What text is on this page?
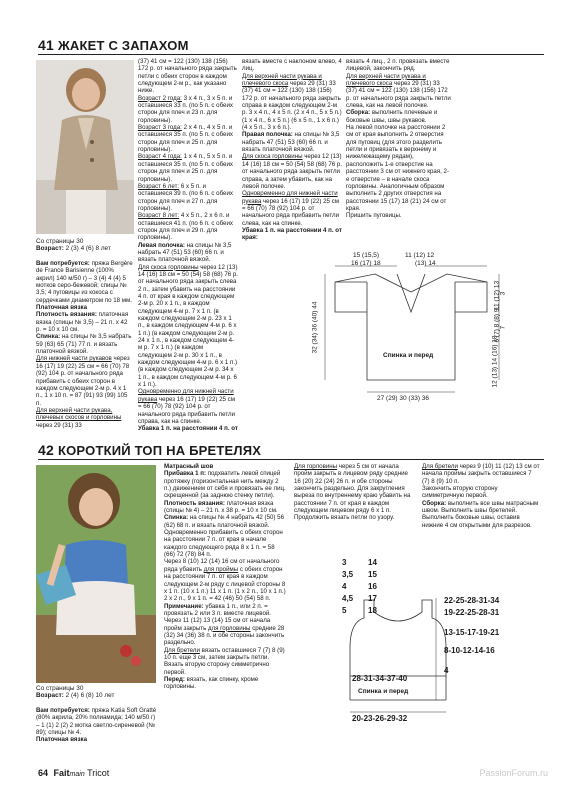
41 ЖАКЕТ С ЗАПАХОМ
Со страницы 30
Возраст: 2 (3) 4 (6) 8 лет
Вам потребуется: пряжа Bergère de France Barisienne (100% акрил) 140 м/50 г) – 3 (4) 4 (4) 5 мотков серо-бежевой; спицы № 3,5; 4 пуговицы из кокоса с сердечками диаметром по 18 мм.
Платочная вязка
Плотность вязания: платочная вязка (спицы № 3,5) – 21 п. х 42 р. = 10 х 10 см.
Спинка: на спицы № 3,5 набрать 59 (63) 65 (71) 77 п. и вязать платочной вязкой.
Для нижней части рукавов через 16 (17) 19 (22) 25 см = 66 (70) 78 (92) 104 р. от начального ряда прибавить с обеих сторон в каждом следующем 2-м р. 4 х 1 п., 1 х 10 п. = 87 (91) 93 (99) 105 п.
Для верхней части рукава, плечевых скосов и горловины через 29 (31) 33
(37) 41 см = 122 (130) 138 (156) 172 р. от начального ряда закрыть петли с обеих сторон в каждом следующем 2-м р., как указано ниже.
Возраст 2 года: 3 х 4 п., 3 х 5 п. и оставшиеся 33 п. (по 5 п. с обеих сторон для плеч и 23 п. для горловины).
Возраст 3 года: 2 х 4 п., 4 х 5 п. и оставшиеся 35 п. (по 5 п. с обеих сторон для плеч и 25 п. для горловины).
Возраст 4 года: 1 х 4 п., 5 х 5 п. и оставшиеся 35 п. (по 5 п. с обеих сторон для плеч и 25 п. для горловины).
Возраст 6 лет: 6 х 5 п. и оставшиеся 39 п. (по 6 п. с обеих сторон для плеч и 27 п. для горловины).
Возраст 8 лет: 4 х 5 п., 2 х 6 п. и оставшиеся 41 п. (по 6 п. с обеих сторон для плеч и 29 п. для горловины).
Левая полочка: на спицы № 3,5 набрать 47 (51) 53 (60) 66 п. и вязать платочной вязкой.
Для скоса горловины через 12 (13) 14 (16) 18 см = 50 (54) 58 (68) 76 р. от начального ряда закрыть слева 2 п., затем убавить на расстоянии 4 п. от края в каждом следующем 2-м р. 20 х 1 п., в каждом следующем 4-м р. 7 х 1 п. (в каждом следующем 2-м р. 23 х 1 п., в каждом следующем 4-м р. 6 х 1 п.) (в каждом следующем 2-м р. 24 х 1 п., в каждом следующем 4-м р. 7 х 1 п.) (в каждом следующем 2-м р. 30 х 1 п., в каждом следующем 4-м р. 6 х 1 п.) (в каждом следующем 2-м р. 34 х 1 п., в каждом следующем 4-м р. 6 х 1 п.).
Одновременно для нижней части рукава через 16 (17) 19 (22) 25 см = 66 (70) 78 (92) 104 р. от начального ряда прибавить петли справа, как на спинке.
Убавка 1 п. на расстоянии 4 п. от
вязать вместе с наклоном влево, 4 лиц.
Для верхней части рукава и плечевого скоса через 29 (31) 33 (37) 41 см = 122 (130) 138 (156) 172 р. от начального ряда закрыть справа в каждом следующем 2-м р. 3 х 4 п., 4 х 5 п. (2 х 4 п., 5 х 5 п.) (1 х 4 п., 6 х 5 п.) (6 х 5 п., 1 х 6 п.) (4 х 5 п., 3 х 6 п.).
Правая полочка: на спицы № 3,5 набрать 47 (51) 53 (60) 66 п. и вязать платочной вязкой.
Для скоса горловины через 12 (13) 14 (16) 18 см = 50 (54) 58 (68) 76 р. от начального ряда закрыть петли справа, а затем убавить, как на левой полочке.
Одновременно для нижней части рукава через 16 (17) 19 (22) 25 см = 66 (70) 78 (92) 104 р. от начального ряда прибавить петли слева, как на спинке.
Убавка 1 п. на расстоянии 4 п. от края:
вязать 4 лиц., 2 п. провязать вместе лицевой, закончить ряд.
Для верхней части рукава и плечевого скоса через 29 (31) 33 (37) 41 см = 122 (130) 138 (156) 172 р. от начального ряда закрыть петли слева, как на левой полочке.
Сборка: выполнить плечевые и боковые швы, швы рукавов.
На левой полочке на расстоянии 2 см от края выполнить 2 отверстия для пуговиц (для этого разделить петли и привязать к верхнему и нижележащему рядам), расположить 1-е отверстие на расстоянии 3 см от нижнего края, 2-е отверстие – в начале скоса горловины. Аналогичным образом выполнить 2 других отверстия на расстоянии 15 (17) 18 (21) 24 см от края.
Пришить пуговицы.
15 (15,5)
16 (17) 18
11 (12) 12
(13) 14
32 (34) 36 (40) 44
11 (12) 13
3
6 (7) 8 (8) 9
7
12 (13) 14 (16) 18
Спинка и перед
27 (29) 30 (33) 36
42 КОРОТКИЙ ТОП НА БРЕТЕЛЯХ
Со страницы 30
Возраст: 2 (4) 6 (8) 10 лет
Вам потребуется: пряжа Katia Soft Gratté (80% акрила, 20% полиамида; 140 м/50 г) – 1 (1) 2 (2) 2 мотка светло-сиреневой (№ 89); спицы № 4.
Платочная вязка
Матрасный шов
Прибавка 1 п: подхватить левой спицей протяжку (горизонтальная нить между 2 п.) движением от себя и провязать ее лиц. скрещенной (за заднюю стенку петли).
Плотность вязания: платочная вязка (спицы № 4) – 21 п. х 38 р. = 10 х 10 см.
Спинка: на спицы № 4 набрать 42 (50) 56 (62) 68 п. и вязать платочной вязкой. Одновременно прибавить с обеих сторон на расстоянии 7 п. от края в начале каждого следующего ряда 8 х 1 п. = 58 (66) 72 (78) 84 п.
Через 8 (10) 12 (14) 16 см от начального ряда убавить для проймы с обеих сторон на расстоянии 7 п. от края в каждом следующем 2-м ряду с лицевой стороны 8 х 1 п. (10 х 1 п.) 11 х 1 п. (1 х 2 п., 10 х 1 п.) 2 х 2 п., 9 х 1 п. = 42 (46) 50 (54) 58 п.
Примечание: убавка 1 п., или 2 п. = провязать 2 или 3 п. вместе лицевой.
Через 11 (12) 13 (14) 15 см от начала пройм закрыть для горловины средние 28 (32) 34 (36) 38 п. и обе стороны закончить раздельно.
Для бретели вязать оставшиеся 7 (7) 8 (9) 10 п. еще 3 см, затем закрыть петли. Вязать вторую сторону симметрично первой.
Перед: вязать, как спинку, кроме горловины.
Для горловины через 5 см от начала пройм закрыть в лицевом ряду средние 16 (20) 22 (24) 26 п. и обе стороны закончить раздельно. Для закругления выреза по внутреннему краю убавить на расстоянии 7 п. от края в каждом следующем лицевом ряду 6 х 1 п. Продолжить вязать петли по узору.
Для бретели через 9 (10) 11 (12) 13 см от начала проймы закрыть оставшиеся 7 (7) 8 (9) 10 п.
Закончить вторую сторону симметричную первой.
Сборка: выполнить все швы матрасным швом. Выполнить швы бретелей. Выполнить боковые швы, оставив нижние 4 см открытыми для разрезов.
3
3,5
4
4,5
5
14
15
16
17
18
22-25-28-31-34
19-22-25-28-31
13-15-17-19-21
8-10-12-14-16
4
28-31-34-37-40
Спинка и перед
20-23-26-29-32
64 Faitmain Tricot	PassionForum.ru
